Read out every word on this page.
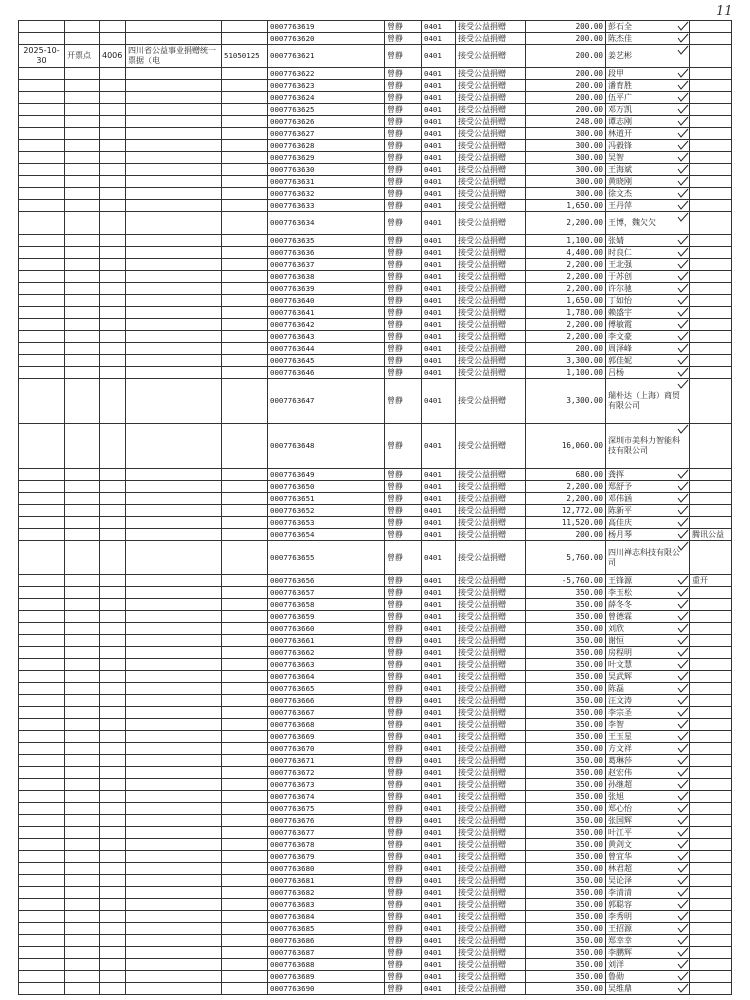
11
					0007763619	曾静	0401	接受公益捐赠	200.00	彭石全

					0007763620	曾静	0401	接受公益捐赠	200.00	陈杰佳

2025-10-30	开票点	4006	四川省公益事业捐赠统一票据（电	51050125	0007763621	曾静	0401	接受公益捐赠	200.00	姜艺彬

					0007763622	曾静	0401	接受公益捐赠	200.00	段甲

					0007763623	曾静	0401	接受公益捐赠	200.00	潘育胜

					0007763624	曾静	0401	接受公益捐赠	200.00	伍平广

					0007763625	曾静	0401	接受公益捐赠	200.00	邓万凯

					0007763626	曾静	0401	接受公益捐赠	248.00	谭志刚

					0007763627	曾静	0401	接受公益捐赠	300.00	林道开

					0007763628	曾静	0401	接受公益捐赠	300.00	冯毅锋

					0007763629	曾静	0401	接受公益捐赠	300.00	吴智

					0007763630	曾静	0401	接受公益捐赠	300.00	王海斌

					0007763631	曾静	0401	接受公益捐赠	300.00	黄晓刚

					0007763632	曾静	0401	接受公益捐赠	300.00	徐文杰

					0007763633	曾静	0401	接受公益捐赠	1,650.00	王丹萍

					0007763634	曾静	0401	接受公益捐赠	2,200.00	王博，魏欠欠

					0007763635	曾静	0401	接受公益捐赠	1,100.00	张婧

					0007763636	曾静	0401	接受公益捐赠	4,400.00	时良仁

					0007763637	曾静	0401	接受公益捐赠	2,200.00	王北强

					0007763638	曾静	0401	接受公益捐赠	2,200.00	于苏创

					0007763639	曾静	0401	接受公益捐赠	2,200.00	许尔驰

					0007763640	曾静	0401	接受公益捐赠	1,650.00	丁如怡

					0007763641	曾静	0401	接受公益捐赠	1,780.00	赖盛宇

					0007763642	曾静	0401	接受公益捐赠	2,200.00	傅敏霞

					0007763643	曾静	0401	接受公益捐赠	2,200.00	李文豪

					0007763644	曾静	0401	接受公益捐赠	200.00	周泽峰

					0007763645	曾静	0401	接受公益捐赠	3,300.00	郭佳妮

					0007763646	曾静	0401	接受公益捐赠	1,100.00	吕杨

					0007763647	曾静	0401	接受公益捐赠	3,300.00	瑞朴达（上海）商贸有限公司

					0007763648	曾静	0401	接受公益捐赠	16,060.00	深圳市美科力智能科技有限公司

					0007763649	曾静	0401	接受公益捐赠	680.00	龚挥

					0007763650	曾静	0401	接受公益捐赠	2,200.00	郑舒予

					0007763651	曾静	0401	接受公益捐赠	2,200.00	邓伟涵

					0007763652	曾静	0401	接受公益捐赠	12,772.00	陈新平

					0007763653	曾静	0401	接受公益捐赠	11,520.00	高佳庆

					0007763654	曾静	0401	接受公益捐赠	200.00	杨月琴	腾讯公益
					0007763655	曾静	0401	接受公益捐赠	5,760.00	四川禅志科技有限公司

					0007763656	曾静	0401	接受公益捐赠	-5,760.00	王锋源	重开
					0007763657	曾静	0401	接受公益捐赠	350.00	李玉松

					0007763658	曾静	0401	接受公益捐赠	350.00	薛冬冬

					0007763659	曾静	0401	接受公益捐赠	350.00	曾德霖

					0007763660	曾静	0401	接受公益捐赠	350.00	刘欣

					0007763661	曾静	0401	接受公益捐赠	350.00	谢恒

					0007763662	曾静	0401	接受公益捐赠	350.00	房程明

					0007763663	曾静	0401	接受公益捐赠	350.00	叶文慧

					0007763664	曾静	0401	接受公益捐赠	350.00	吴武辉

					0007763665	曾静	0401	接受公益捐赠	350.00	陈磊

					0007763666	曾静	0401	接受公益捐赠	350.00	汪文涛

					0007763667	曾静	0401	接受公益捐赠	350.00	李宗圣

					0007763668	曾静	0401	接受公益捐赠	350.00	李智

					0007763669	曾静	0401	接受公益捐赠	350.00	王玉星

					0007763670	曾静	0401	接受公益捐赠	350.00	方文祥

					0007763671	曾静	0401	接受公益捐赠	350.00	葛琳莎

					0007763672	曾静	0401	接受公益捐赠	350.00	赵宏伟

					0007763673	曾静	0401	接受公益捐赠	350.00	孙继超

					0007763674	曾静	0401	接受公益捐赠	350.00	张旭

					0007763675	曾静	0401	接受公益捐赠	350.00	郑心怡

					0007763676	曾静	0401	接受公益捐赠	350.00	张国辉

					0007763677	曾静	0401	接受公益捐赠	350.00	叶江平

					0007763678	曾静	0401	接受公益捐赠	350.00	黄剑文

					0007763679	曾静	0401	接受公益捐赠	350.00	曾宜华

					0007763680	曾静	0401	接受公益捐赠	350.00	林君超

					0007763681	曾静	0401	接受公益捐赠	350.00	吴论泽

					0007763682	曾静	0401	接受公益捐赠	350.00	李清清

					0007763683	曾静	0401	接受公益捐赠	350.00	郭聪容

					0007763684	曾静	0401	接受公益捐赠	350.00	李秀明

					0007763685	曾静	0401	接受公益捐赠	350.00	王招源

					0007763686	曾静	0401	接受公益捐赠	350.00	郑幸幸

					0007763687	曾静	0401	接受公益捐赠	350.00	李鹏辉

					0007763688	曾静	0401	接受公益捐赠	350.00	刘洋

					0007763689	曾静	0401	接受公益捐赠	350.00	鲁勋

					0007763690	曾静	0401	接受公益捐赠	350.00	吴维鼎
